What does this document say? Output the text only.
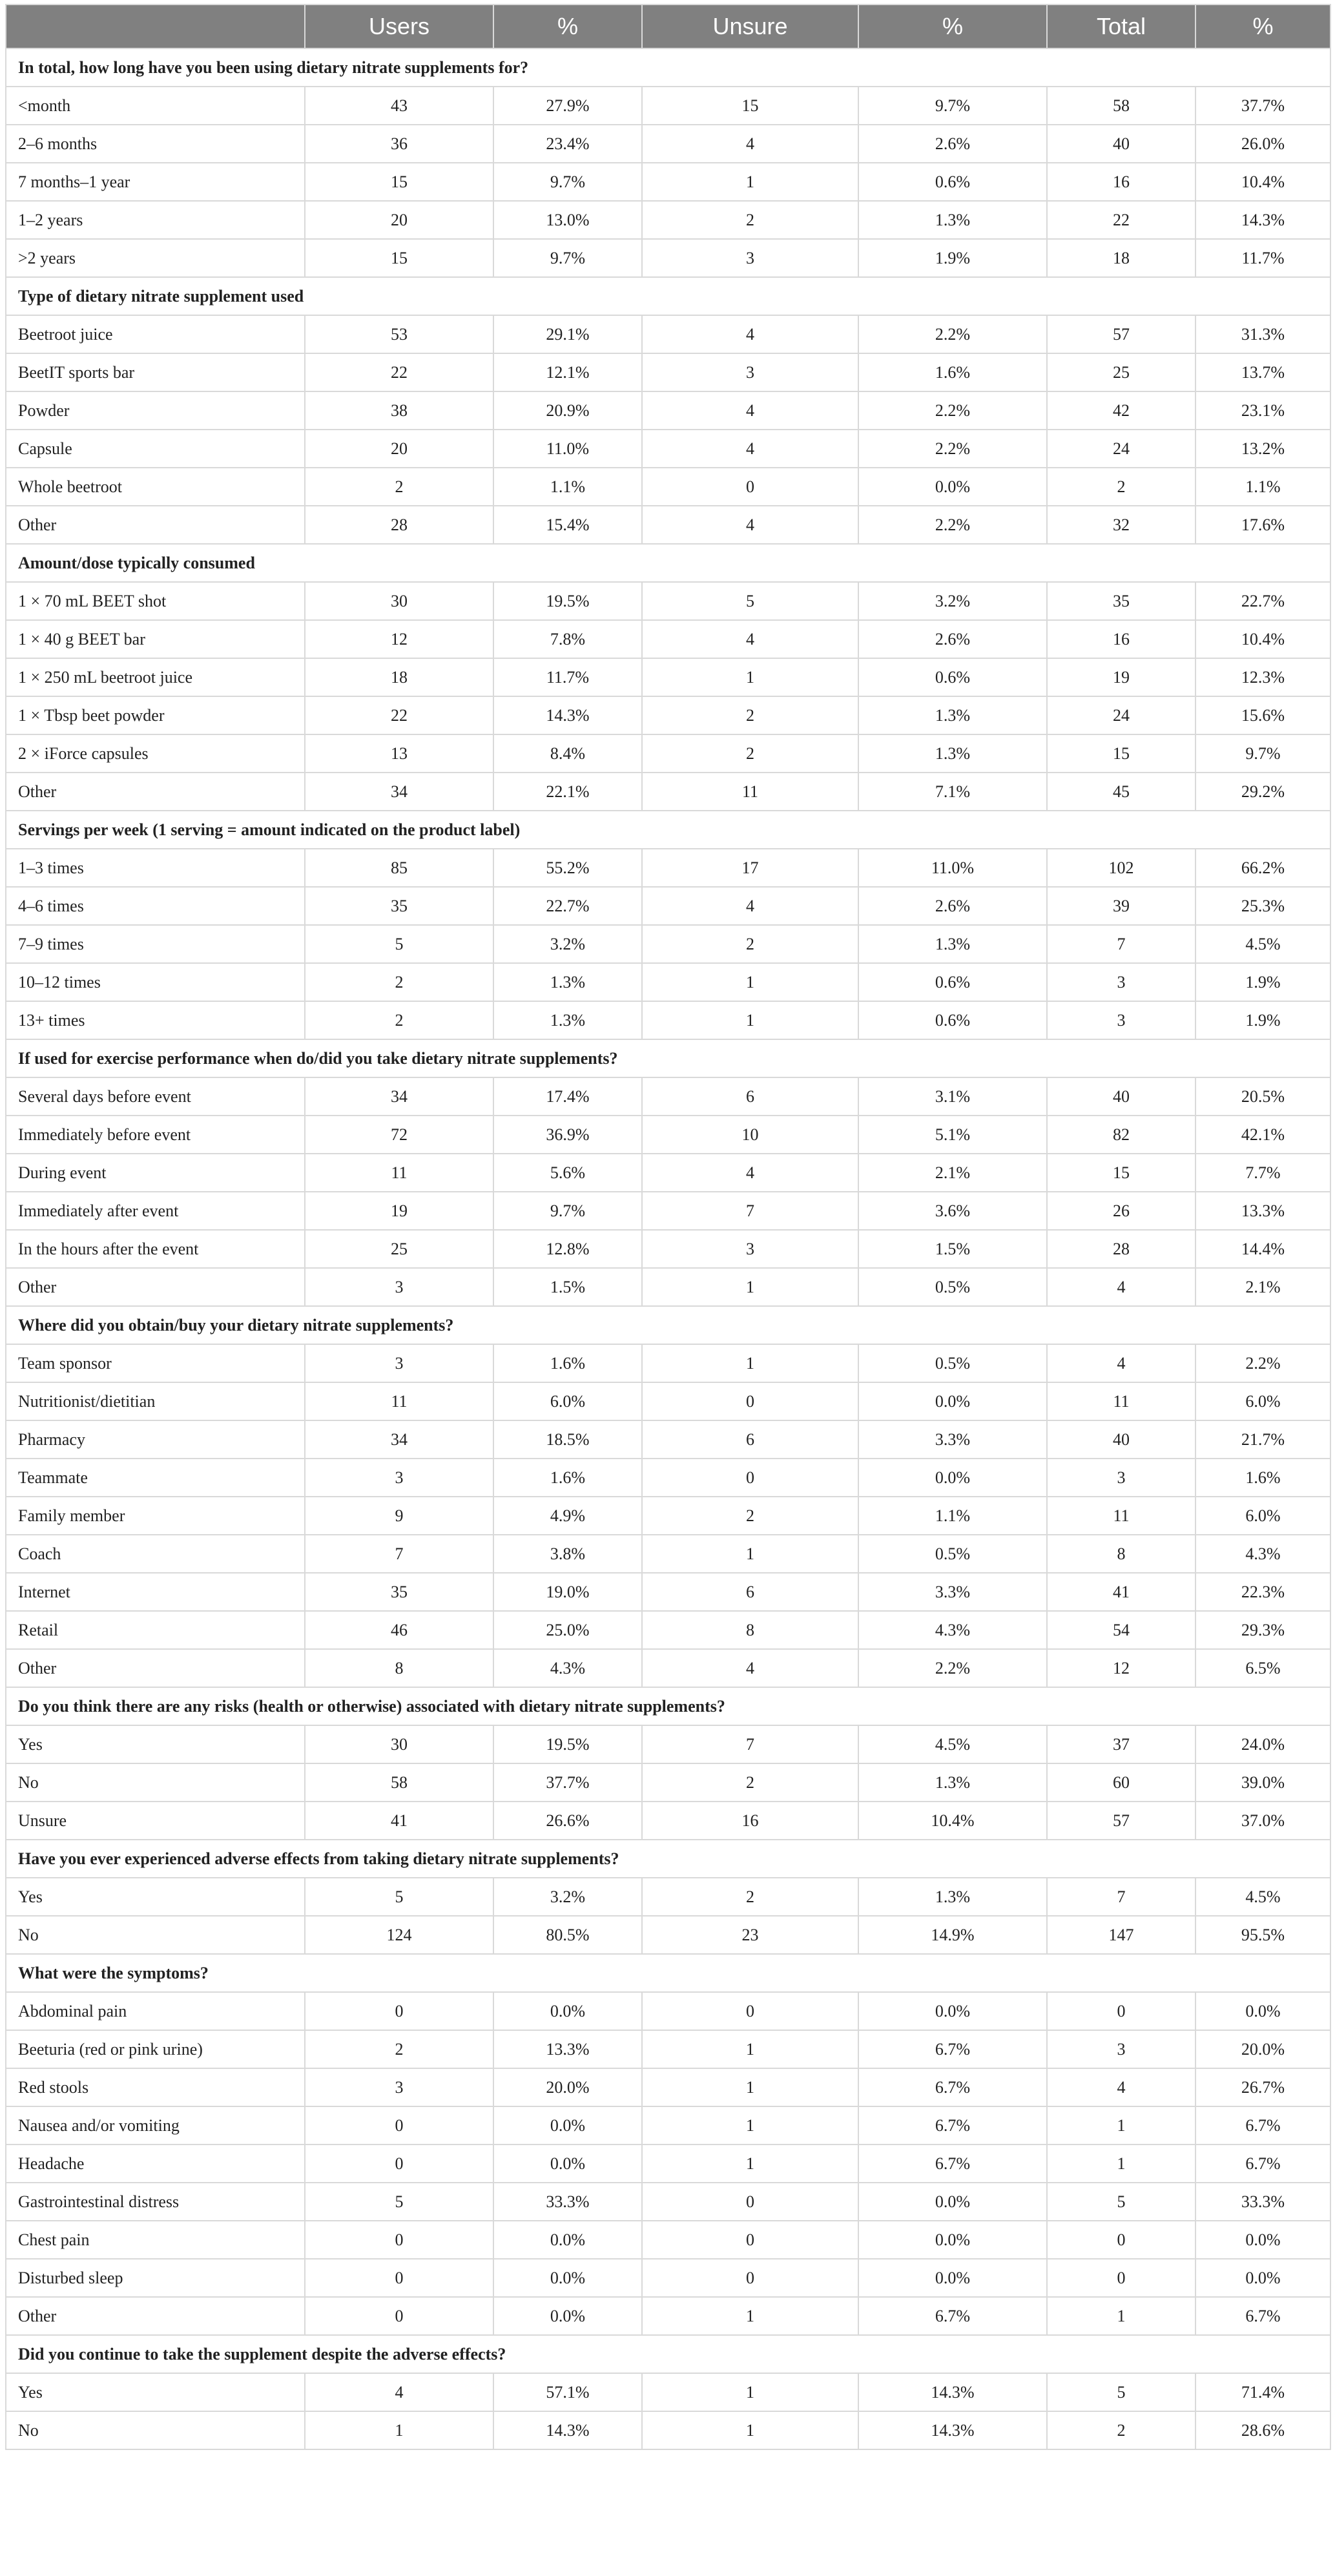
	Users	%	Unsure	%	Total	%
In total, how long have you been using dietary nitrate supplements for?						
<month	43	27.9%	15	9.7%	58	37.7%
2–6 months	36	23.4%	4	2.6%	40	26.0%
7 months–1 year	15	9.7%	1	0.6%	16	10.4%
1–2 years	20	13.0%	2	1.3%	22	14.3%
>2 years	15	9.7%	3	1.9%	18	11.7%
Type of dietary nitrate supplement used						
Beetroot juice	53	29.1%	4	2.2%	57	31.3%
BeetIT sports bar	22	12.1%	3	1.6%	25	13.7%
Powder	38	20.9%	4	2.2%	42	23.1%
Capsule	20	11.0%	4	2.2%	24	13.2%
Whole beetroot	2	1.1%	0	0.0%	2	1.1%
Other	28	15.4%	4	2.2%	32	17.6%
Amount/dose typically consumed						
1 × 70 mL BEET shot	30	19.5%	5	3.2%	35	22.7%
1 × 40 g BEET bar	12	7.8%	4	2.6%	16	10.4%
1 × 250 mL beetroot juice	18	11.7%	1	0.6%	19	12.3%
1 × Tbsp beet powder	22	14.3%	2	1.3%	24	15.6%
2 × iForce capsules	13	8.4%	2	1.3%	15	9.7%
Other	34	22.1%	11	7.1%	45	29.2%
Servings per week (1 serving = amount indicated on the product label)						
1–3 times	85	55.2%	17	11.0%	102	66.2%
4–6 times	35	22.7%	4	2.6%	39	25.3%
7–9 times	5	3.2%	2	1.3%	7	4.5%
10–12 times	2	1.3%	1	0.6%	3	1.9%
13+ times	2	1.3%	1	0.6%	3	1.9%
If used for exercise performance when do/did you take dietary nitrate supplements?						
Several days before event	34	17.4%	6	3.1%	40	20.5%
Immediately before event	72	36.9%	10	5.1%	82	42.1%
During event	11	5.6%	4	2.1%	15	7.7%
Immediately after event	19	9.7%	7	3.6%	26	13.3%
In the hours after the event	25	12.8%	3	1.5%	28	14.4%
Other	3	1.5%	1	0.5%	4	2.1%
Where did you obtain/buy your dietary nitrate supplements?						
Team sponsor	3	1.6%	1	0.5%	4	2.2%
Nutritionist/dietitian	11	6.0%	0	0.0%	11	6.0%
Pharmacy	34	18.5%	6	3.3%	40	21.7%
Teammate	3	1.6%	0	0.0%	3	1.6%
Family member	9	4.9%	2	1.1%	11	6.0%
Coach	7	3.8%	1	0.5%	8	4.3%
Internet	35	19.0%	6	3.3%	41	22.3%
Retail	46	25.0%	8	4.3%	54	29.3%
Other	8	4.3%	4	2.2%	12	6.5%
Do you think there are any risks (health or otherwise) associated with dietary nitrate supplements?						
Yes	30	19.5%	7	4.5%	37	24.0%
No	58	37.7%	2	1.3%	60	39.0%
Unsure	41	26.6%	16	10.4%	57	37.0%
Have you ever experienced adverse effects from taking dietary nitrate supplements?						
Yes	5	3.2%	2	1.3%	7	4.5%
No	124	80.5%	23	14.9%	147	95.5%
What were the symptoms?						
Abdominal pain	0	0.0%	0	0.0%	0	0.0%
Beeturia (red or pink urine)	2	13.3%	1	6.7%	3	20.0%
Red stools	3	20.0%	1	6.7%	4	26.7%
Nausea and/or vomiting	0	0.0%	1	6.7%	1	6.7%
Headache	0	0.0%	1	6.7%	1	6.7%
Gastrointestinal distress	5	33.3%	0	0.0%	5	33.3%
Chest pain	0	0.0%	0	0.0%	0	0.0%
Disturbed sleep	0	0.0%	0	0.0%	0	0.0%
Other	0	0.0%	1	6.7%	1	6.7%
Did you continue to take the supplement despite the adverse effects?						
Yes	4	57.1%	1	14.3%	5	71.4%
No	1	14.3%	1	14.3%	2	28.6%
